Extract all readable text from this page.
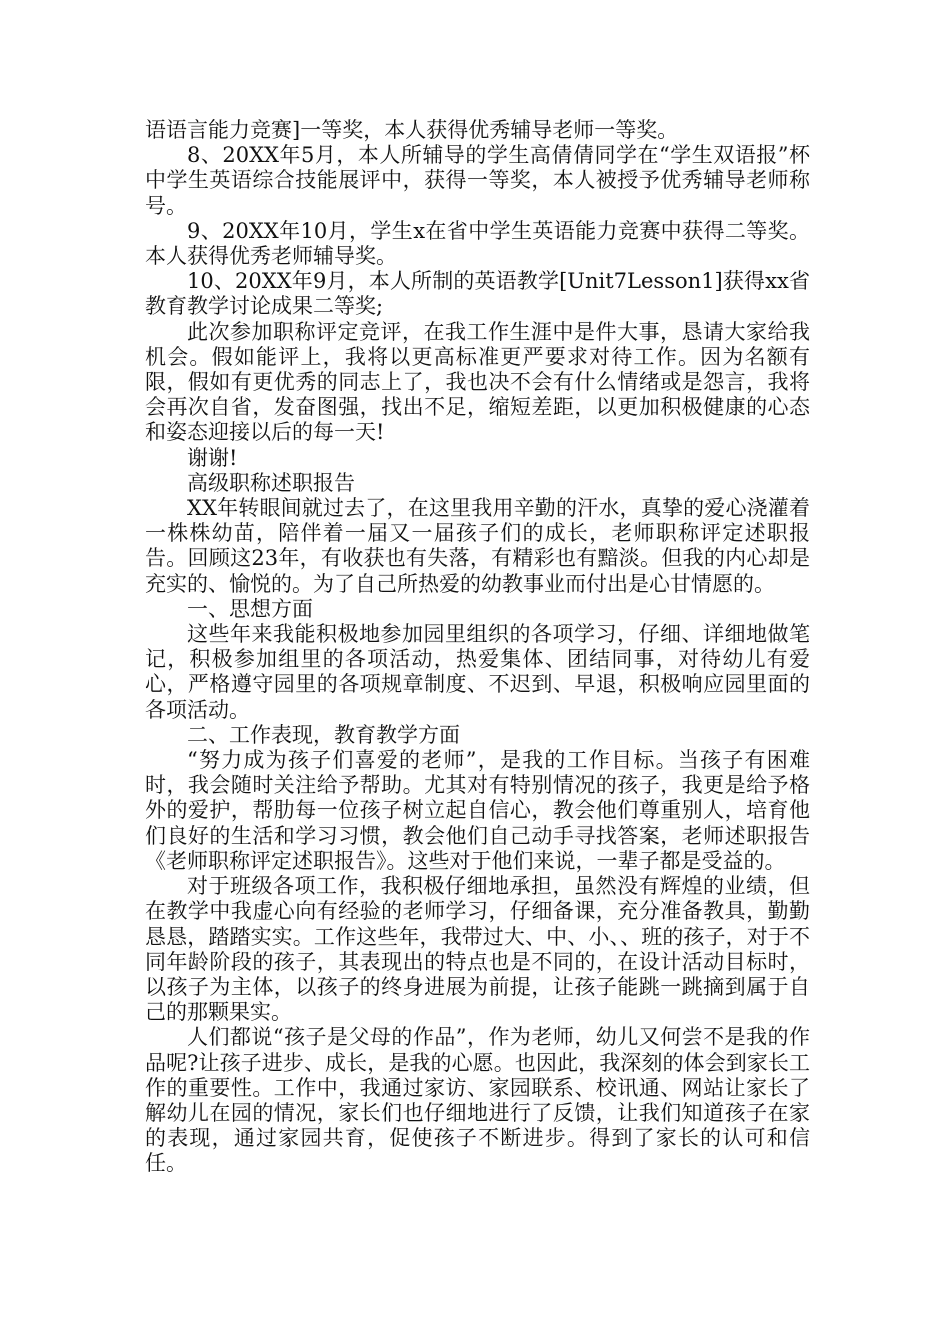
语语言能力竞赛]一等奖，本人获得优秀辅导老师一等奖。

8、20XX年5月，本人所辅导的学生高倩倩同学在“学生双语报”杯中学生英语综合技能展评中，获得一等奖，本人被授予优秀辅导老师称号。

9、20XX年10月，学生x在省中学生英语能力竞赛中获得二等奖。本人获得优秀老师辅导奖。

10、20XX年9月，本人所制的英语教学[Unit7Lesson1]获得xx省教育教学讨论成果二等奖;

此次参加职称评定竞评，在我工作生涯中是件大事，恳请大家给我机会。假如能评上，我将以更高标准更严要求对待工作。因为名额有限，假如有更优秀的同志上了，我也决不会有什么情绪或是怨言，我将会再次自省，发奋图强，找出不足，缩短差距，以更加积极健康的心态和姿态迎接以后的每一天!

谢谢!

高级职称述职报告

XX年转眼间就过去了，在这里我用辛勤的汗水，真挚的爱心浇灌着一株株幼苗，陪伴着一届又一届孩子们的成长，老师职称评定述职报告。回顾这23年，有收获也有失落，有精彩也有黯淡。但我的内心却是充实的、愉悦的。为了自己所热爱的幼教事业而付出是心甘情愿的。

一、思想方面

这些年来我能积极地参加园里组织的各项学习，仔细、详细地做笔记，积极参加组里的各项活动，热爱集体、团结同事，对待幼儿有爱心，严格遵守园里的各项规章制度、不迟到、早退，积极响应园里面的各项活动。

二、工作表现，教育教学方面

“努力成为孩子们喜爱的老师”，是我的工作目标。当孩子有困难时，我会随时关注给予帮助。尤其对有特别情况的孩子，我更是给予格外的爱护，帮肋每一位孩子树立起自信心，教会他们尊重别人，培育他们良好的生活和学习习惯，教会他们自己动手寻找答案，老师述职报告《老师职称评定述职报告》。这些对于他们来说，一辈子都是受益的。

对于班级各项工作，我积极仔细地承担，虽然没有辉煌的业绩，但在教学中我虚心向有经验的老师学习，仔细备课，充分准备教具，勤勤恳恳，踏踏实实。工作这些年，我带过大、中、小、、班的孩子，对于不同年龄阶段的孩子，其表现出的特点也是不同的，在设计活动目标时，以孩子为主体，以孩子的终身进展为前提，让孩子能跳一跳摘到属于自己的那颗果实。

人们都说“孩子是父母的作品”，作为老师，幼儿又何尝不是我的作品呢?让孩子进步、成长，是我的心愿。也因此，我深刻的体会到家长工作的重要性。工作中，我通过家访、家园联系、校讯通、网站让家长了解幼儿在园的情况，家长们也仔细地进行了反馈，让我们知道孩子在家的表现，通过家园共育，促使孩子不断进步。得到了家长的认可和信任。
